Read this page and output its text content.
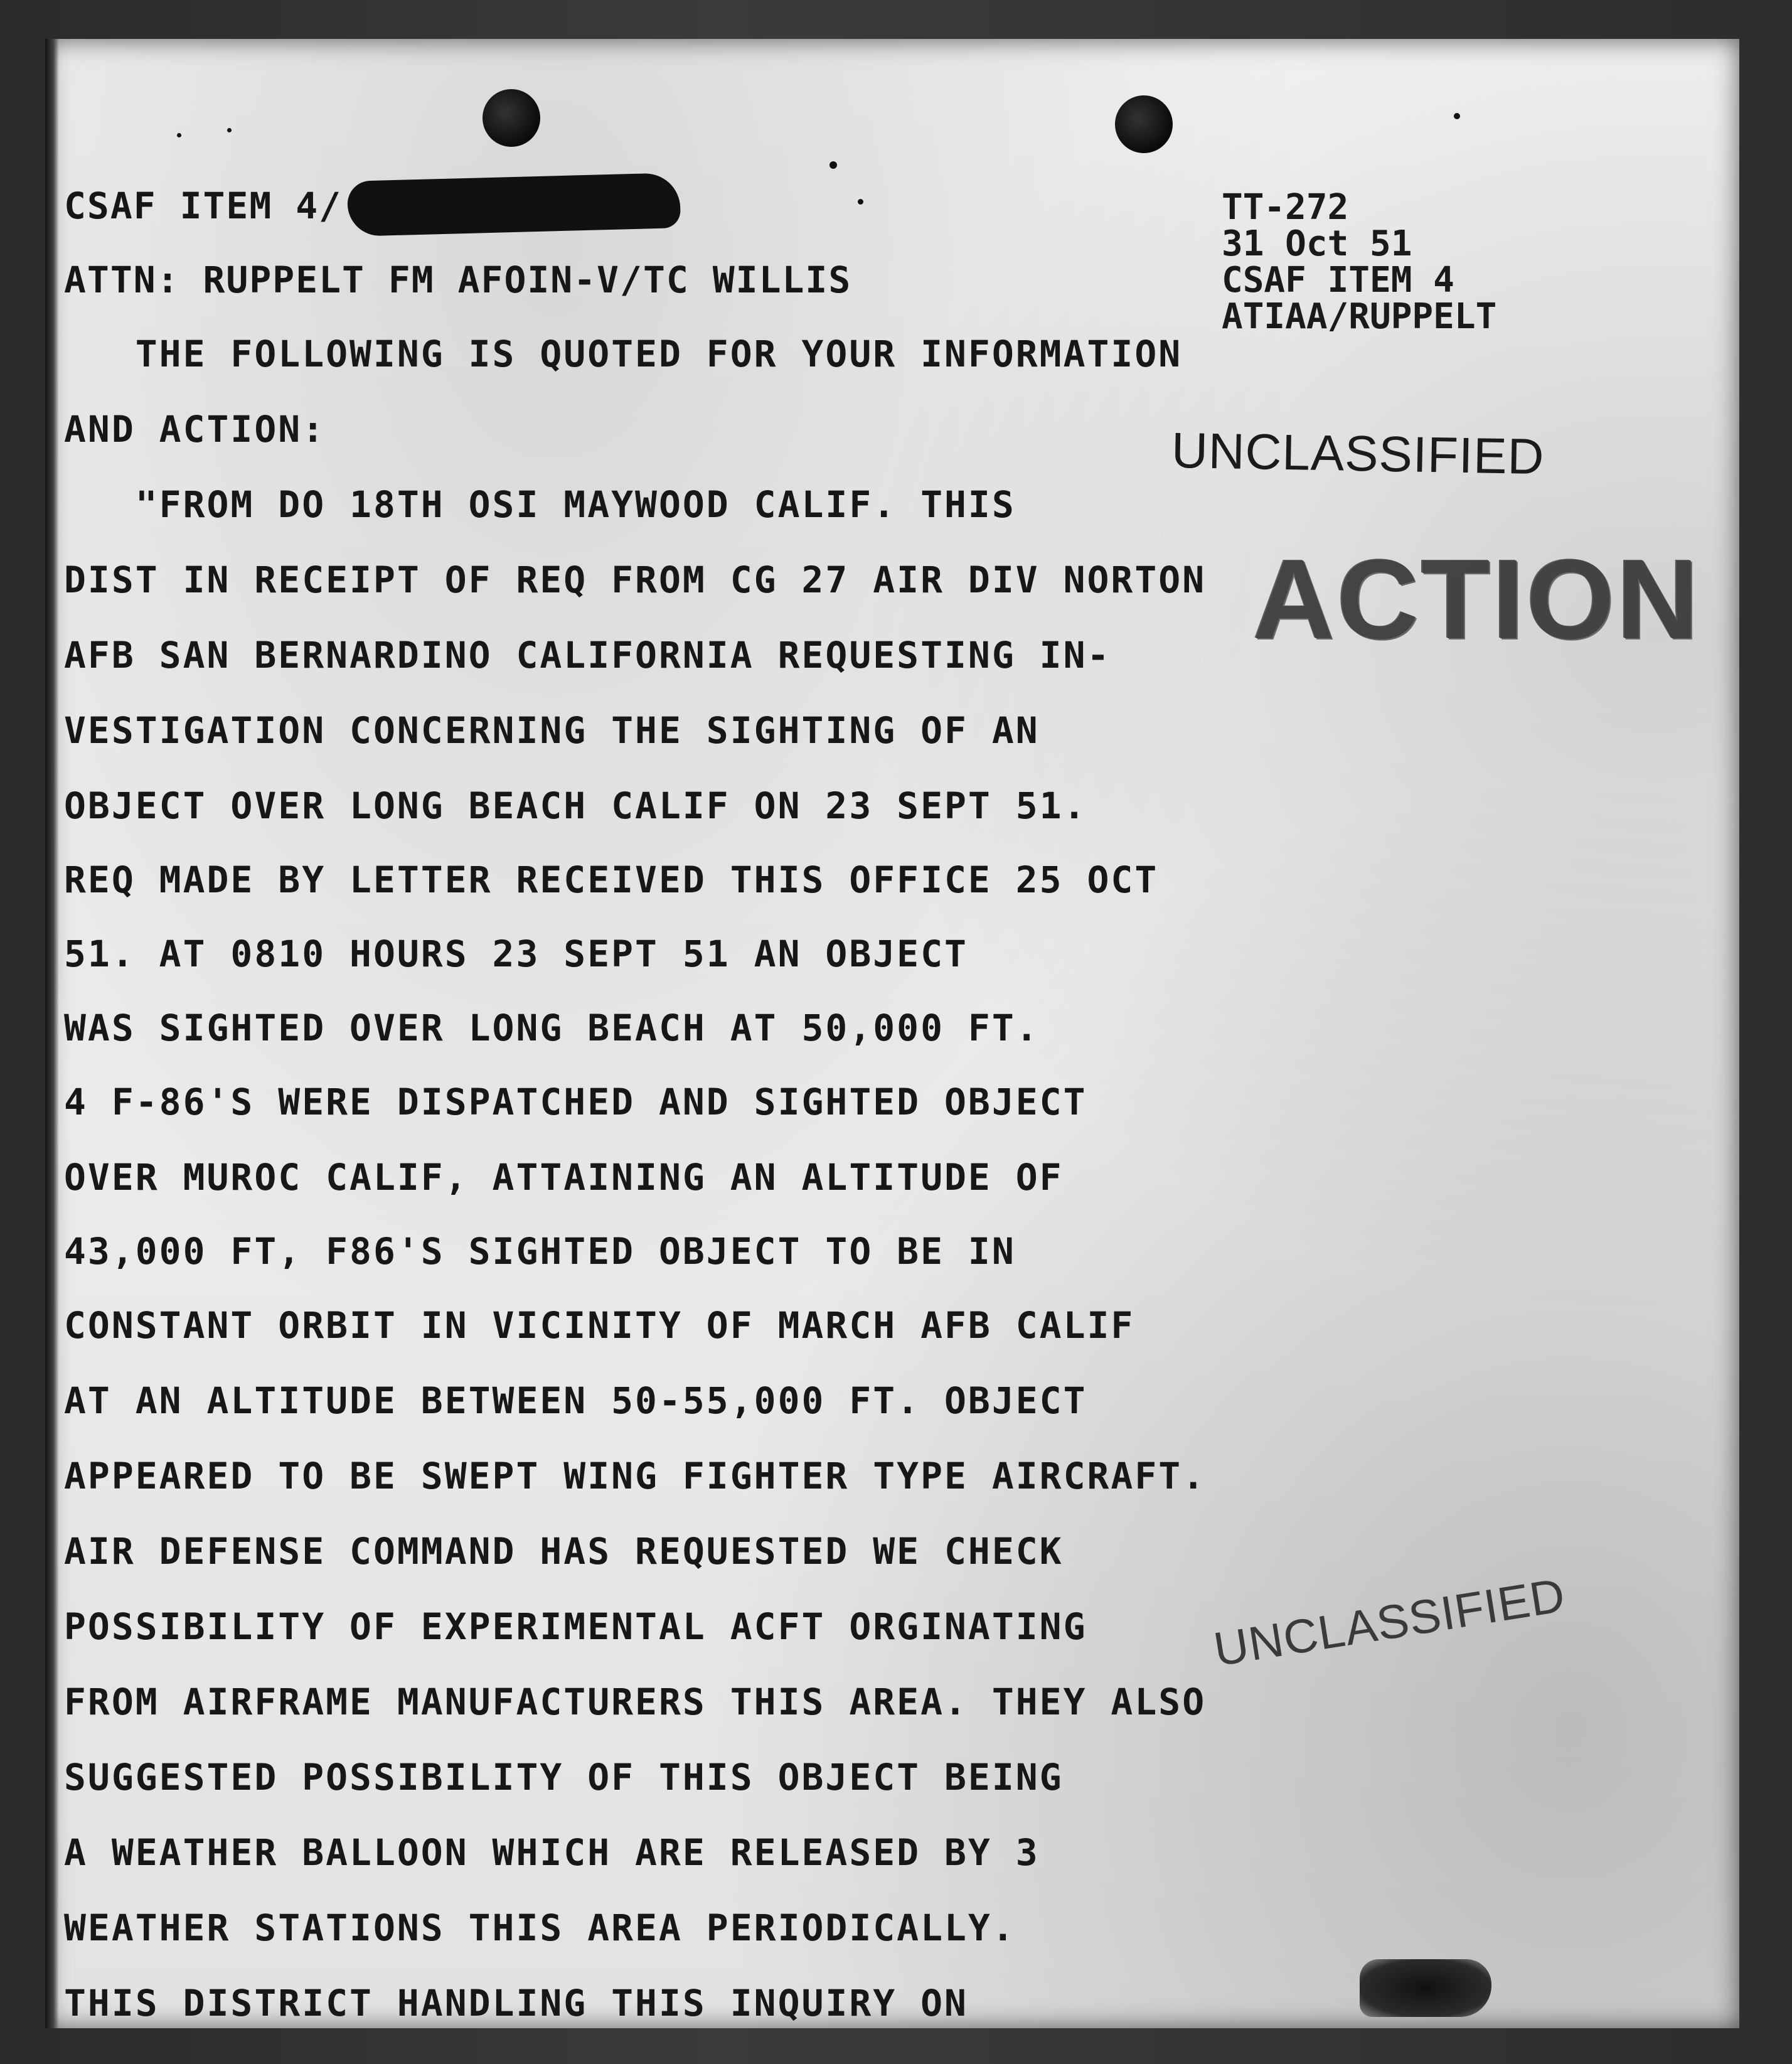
CSAF ITEM 4/
ATTN: RUPPELT FM AFOIN-V/TC WILLIS
TT-272
31 Oct 51
CSAF ITEM 4
ATIAA/RUPPELT
UNCLASSIFIED
ACTION
UNCLASSIFIED
THE FOLLOWING IS QUOTED FOR YOUR INFORMATION
AND ACTION:
"FROM DO 18TH OSI MAYWOOD CALIF. THIS
DIST IN RECEIPT OF REQ FROM CG 27 AIR DIV NORTON
AFB SAN BERNARDINO CALIFORNIA REQUESTING IN-
VESTIGATION CONCERNING THE SIGHTING OF AN
OBJECT OVER LONG BEACH CALIF ON 23 SEPT 51.
REQ MADE BY LETTER RECEIVED THIS OFFICE 25 OCT
51. AT 0810 HOURS 23 SEPT 51 AN OBJECT
WAS SIGHTED OVER LONG BEACH AT 50,000 FT.
4 F-86'S WERE DISPATCHED AND SIGHTED OBJECT
OVER MUROC CALIF, ATTAINING AN ALTITUDE OF
43,000 FT, F86'S SIGHTED OBJECT TO BE IN
CONSTANT ORBIT IN VICINITY OF MARCH AFB CALIF
AT AN ALTITUDE BETWEEN 50-55,000 FT. OBJECT
APPEARED TO BE SWEPT WING FIGHTER TYPE AIRCRAFT.
AIR DEFENSE COMMAND HAS REQUESTED WE CHECK
POSSIBILITY OF EXPERIMENTAL ACFT ORGINATING
FROM AIRFRAME MANUFACTURERS THIS AREA. THEY ALSO
SUGGESTED POSSIBILITY OF THIS OBJECT BEING
A WEATHER BALLOON WHICH ARE RELEASED BY 3
WEATHER STATIONS THIS AREA PERIODICALLY.
THIS DISTRICT HANDLING THIS INQUIRY ON
